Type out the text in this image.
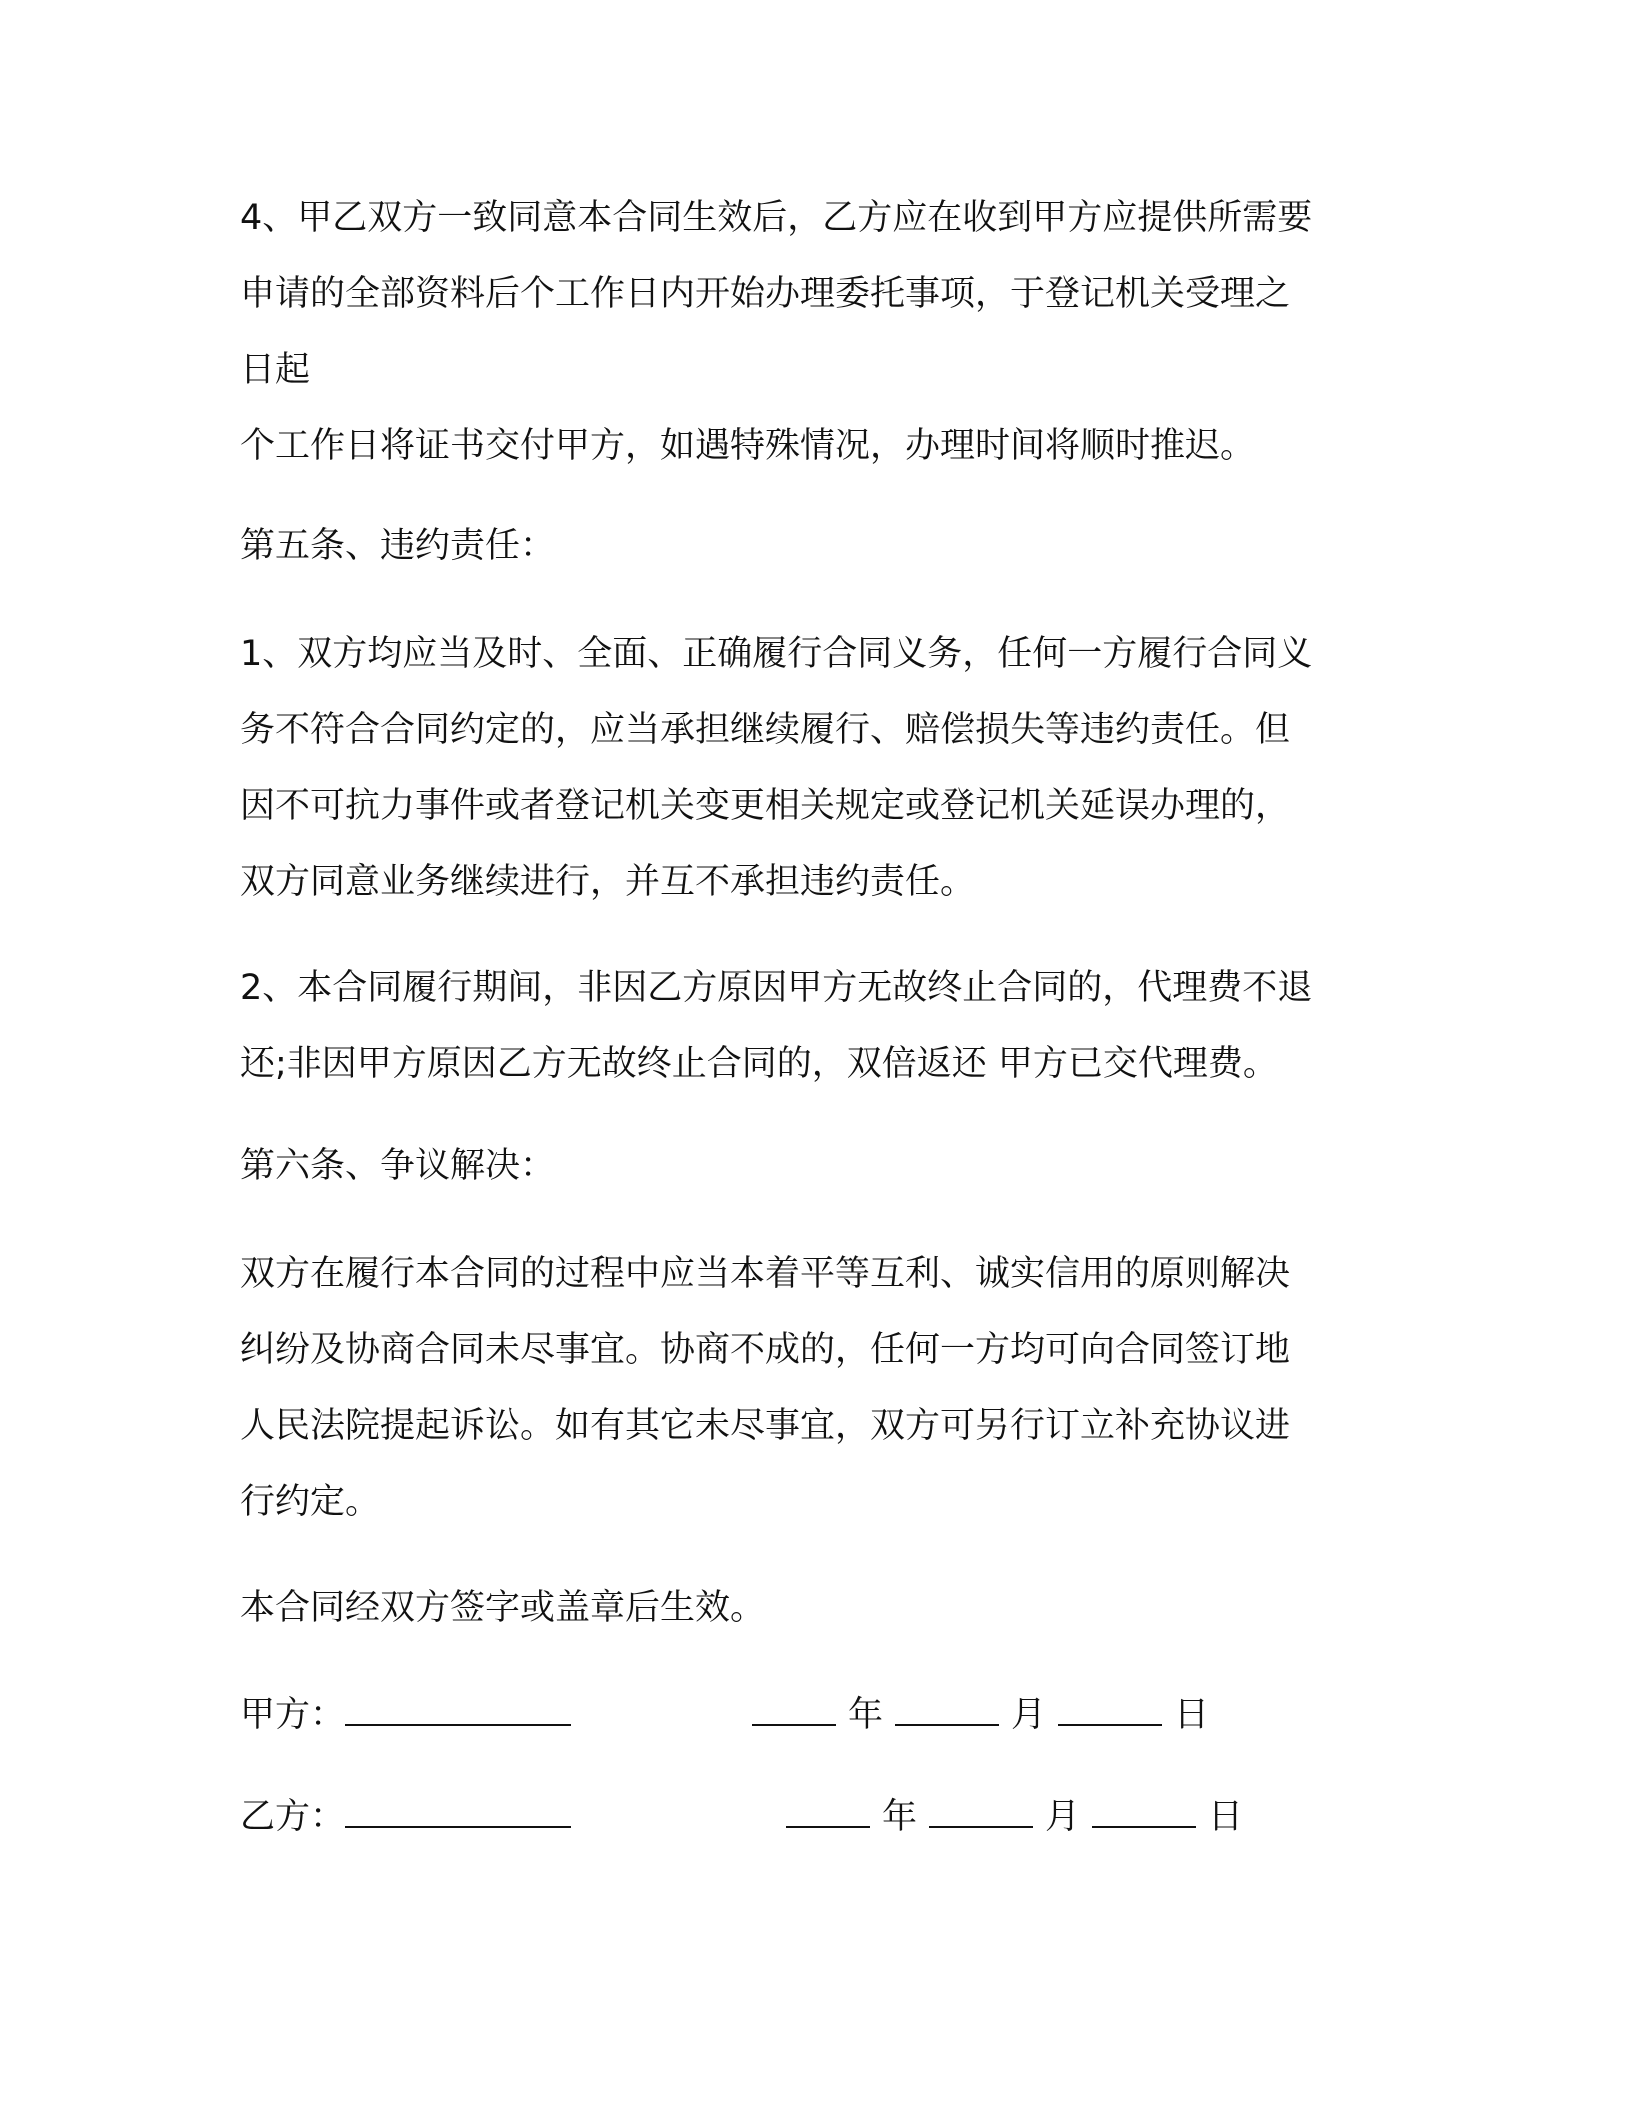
4、甲乙双方一致同意本合同生效后，乙方应在收到甲方应提供所需要
申请的全部资料后个工作日内开始办理委托事项，于登记机关受理之
日起
个工作日将证书交付甲方，如遇特殊情况，办理时间将顺时推迟。
第五条、违约责任：
1、双方均应当及时、全面、正确履行合同义务，任何一方履行合同义
务不符合合同约定的，应当承担继续履行、赔偿损失等违约责任。但
因不可抗力事件或者登记机关变更相关规定或登记机关延误办理的，
双方同意业务继续进行，并互不承担违约责任。
2、本合同履行期间，非因乙方原因甲方无故终止合同的，代理费不退
还;非因甲方原因乙方无故终止合同的，双倍返还 甲方已交代理费。
第六条、争议解决：
双方在履行本合同的过程中应当本着平等互利、诚实信用的原则解决
纠纷及协商合同未尽事宜。协商不成的，任何一方均可向合同签订地
人民法院提起诉讼。如有其它未尽事宜，双方可另行订立补充协议进
行约定。
本合同经双方签字或盖章后生效。
甲方：	年	月	日
乙方：	年	月	日
